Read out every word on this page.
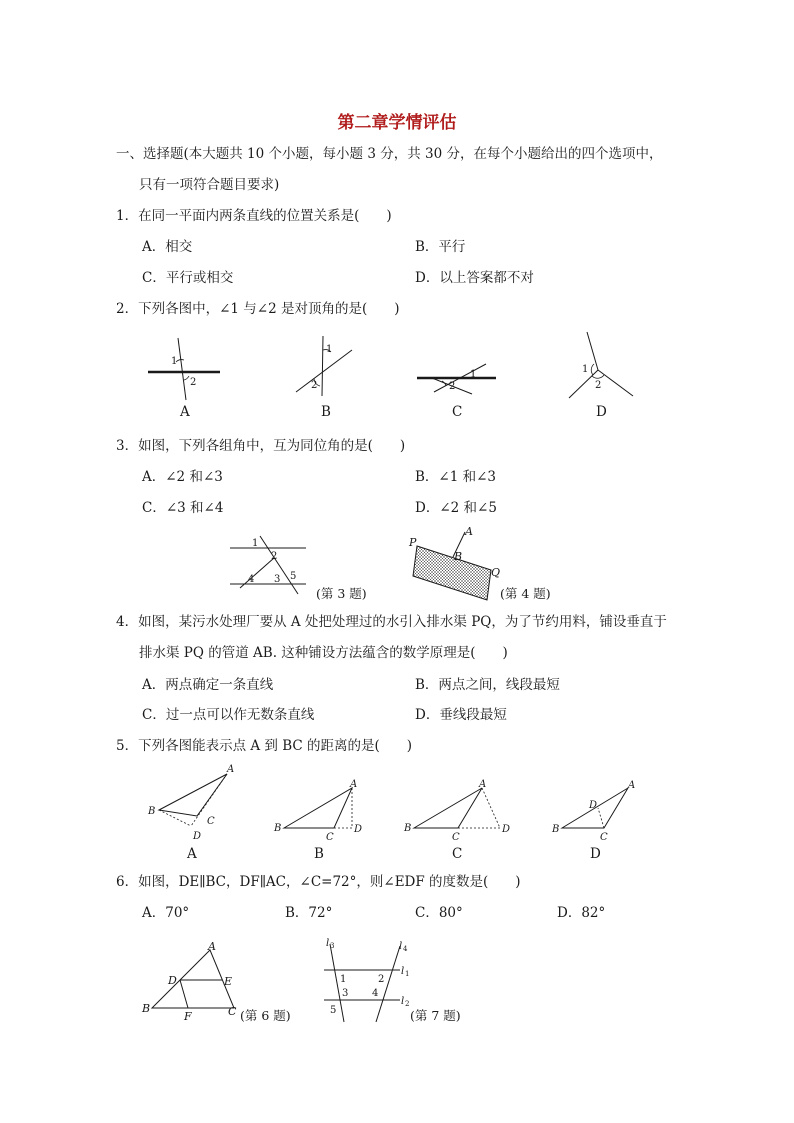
第二章学情评估
一、选择题(本大题共 10 个小题，每小题 3 分，共 30 分，在每个小题给出的四个选项中，
只有一项符合题目要求)
1．在同一平面内两条直线的位置关系是(　　)
A．相交	B．平行
C．平行或相交	D．以上答案都不对
2．下列各图中，∠1 与∠2 是对顶角的是(　　)
1
2
A
1
2
B
2
1
C
1
2
D
3．如图，下列各组角中，互为同位角的是(　　)
A．∠2 和∠3	B．∠1 和∠3
C．∠3 和∠4	D．∠2 和∠5
1
2
4 3 5
(第 3 题)
P
A
B
Q
(第 4 题)
4．如图，某污水处理厂要从 A 处把处理过的水引入排水渠 PQ，为了节约用料，铺设垂直于
排水渠 PQ 的管道 AB. 这种铺设方法蕴含的数学原理是(　　)
A．两点确定一条直线	B．两点之间，线段最短
C．过一点可以作无数条直线	D．垂线段最短
5．下列各图能表示点 A 到 BC 的距离的是(　　)
A
B
C
D
A
A
B
C
D
B
A
B
C
D
C
A
B
C
D
D
6．如图，DE∥BC，DF∥AC，∠C=72°，则∠EDF 的度数是(　　)
A．70°	B．72°	C．80°	D．82°
A
D	E
B
F	C (第 6 题)
l 3	l 4
l 1
l 2
1	2
3 4
5	(第 7 题)
